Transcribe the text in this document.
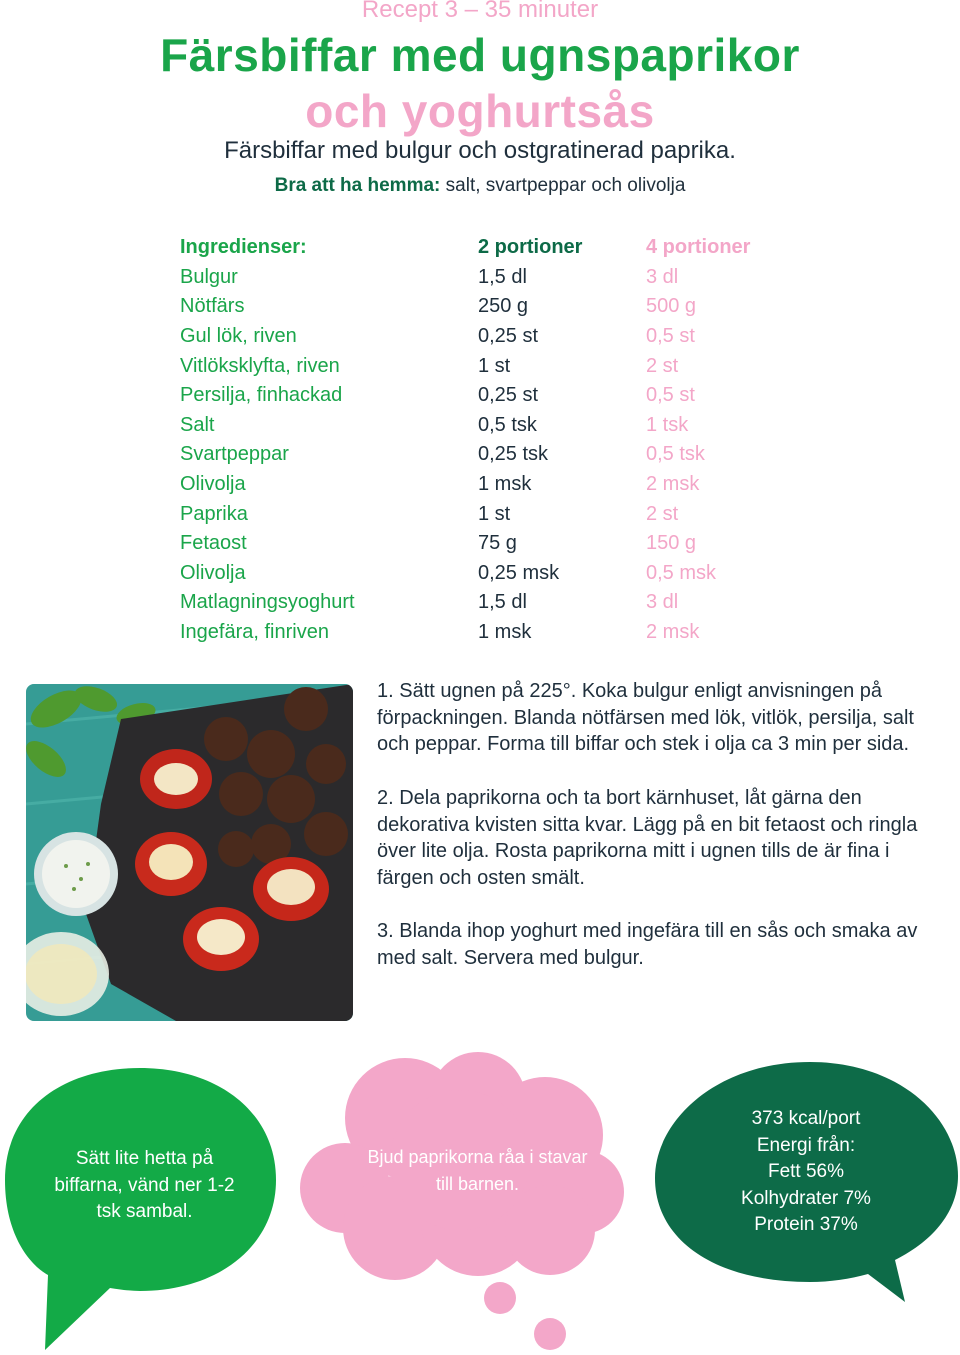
Recept 3 – 35 minuter
Färsbiffar med ugnspaprikor
och yoghurtsås
Färsbiffar med bulgur och ostgratinerad paprika.
Bra att ha hemma: salt, svartpeppar och olivolja
Ingredienser:	2 portioner	4 portioner
Bulgur	1,5 dl	3 dl
Nötfärs	250 g	500 g
Gul lök, riven	0,25 st	0,5 st
Vitlöksklyfta, riven	1 st	2 st
Persilja, finhackad	0,25 st	0,5 st
Salt	0,5 tsk	1 tsk
Svartpeppar	0,25 tsk	0,5 tsk
Olivolja	1 msk	2 msk
Paprika	1 st	2 st
Fetaost	75 g	150 g
Olivolja	0,25 msk	0,5 msk
Matlagningsyoghurt	1,5 dl	3 dl
Ingefära, finriven	1 msk	2 msk

1. Sätt ugnen på 225°. Koka bulgur enligt anvisningen på förpackningen. Blanda nötfärsen med lök, vitlök, persilja, salt och peppar. Forma till biffar och stek i olja ca 3 min per sida.

2. Dela paprikorna och ta bort kärnhuset, låt gärna den dekorativa kvisten sitta kvar. Lägg på en bit fetaost och ringla över lite olja. Rosta paprikorna mitt i ugnen tills de är fina i färgen och osten smält.

3. Blanda ihop yoghurt med ingefära till en sås och smaka av med salt. Servera med bulgur.

Sätt lite hetta på
biffarna, vänd ner 1-2
tsk sambal.
Bjud paprikorna råa i stavar
till barnen.
373 kcal/port
Energi från:
Fett 56%
Kolhydrater 7%
Protein 37%
